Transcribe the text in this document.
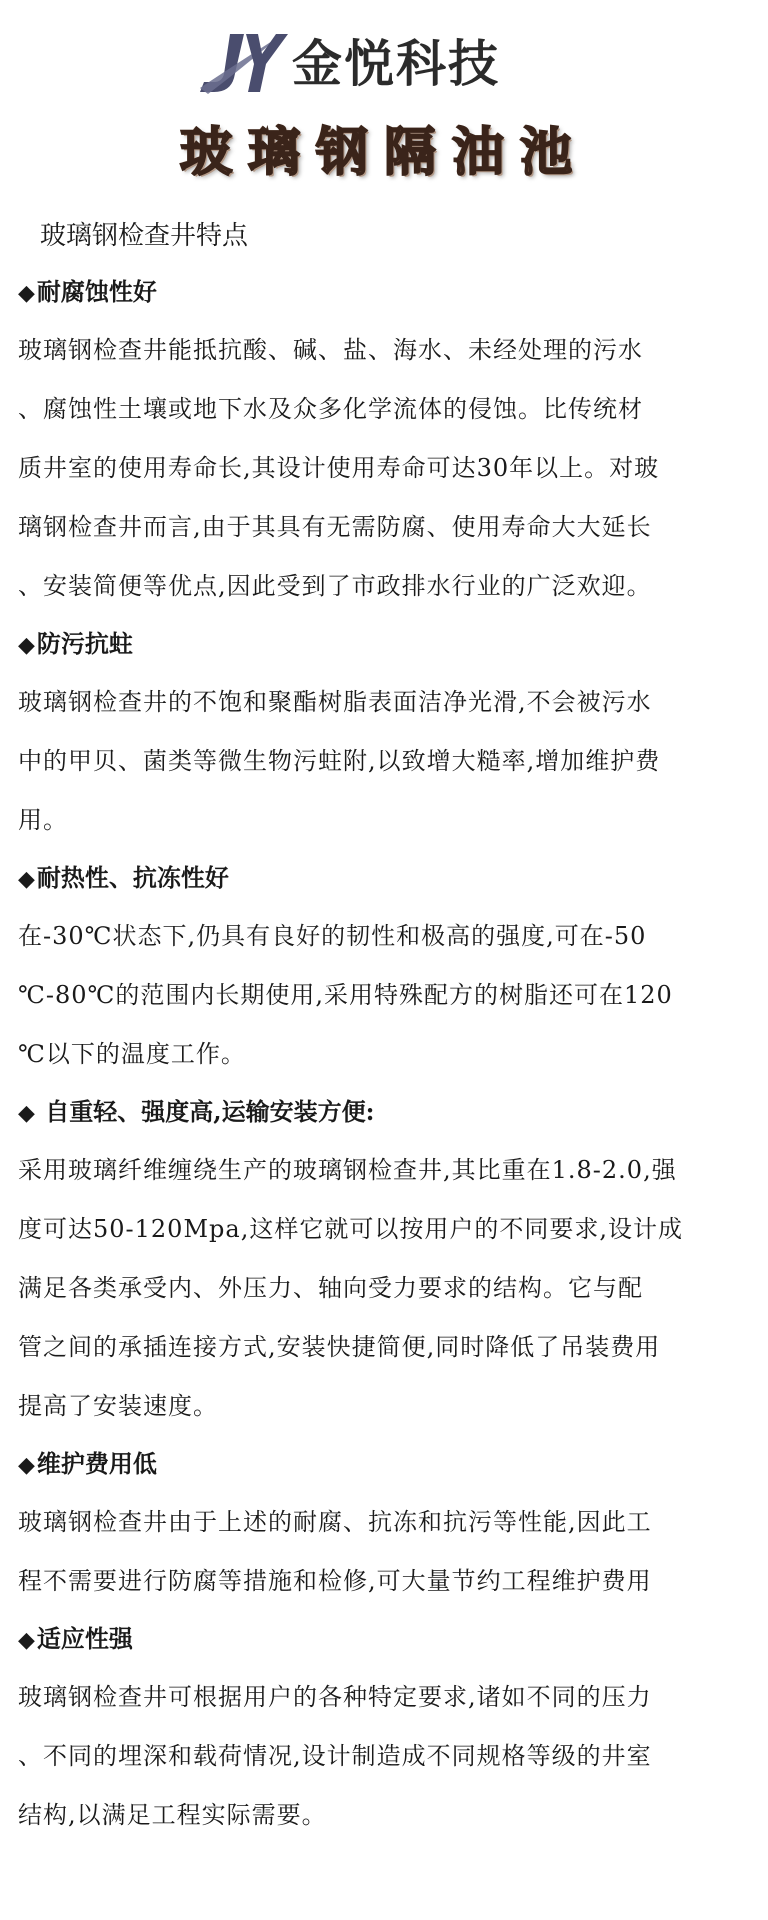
金悦科技
玻璃钢隔油池
玻璃钢检查井特点
◆耐腐蚀性好
玻璃钢检查井能抵抗酸、碱、盐、海水、未经处理的污水
、腐蚀性土壤或地下水及众多化学流体的侵蚀。比传统材
质井室的使用寿命长,其设计使用寿命可达30年以上。对玻
璃钢检查井而言,由于其具有无需防腐、使用寿命大大延长
、安装简便等优点,因此受到了市政排水行业的广泛欢迎。
◆防污抗蛀
玻璃钢检查井的不饱和聚酯树脂表面洁净光滑,不会被污水
中的甲贝、菌类等微生物污蛀附,以致增大糙率,增加维护费
用。
◆耐热性、抗冻性好
在-30℃状态下,仍具有良好的韧性和极高的强度,可在-50
℃-80℃的范围内长期使用,采用特殊配方的树脂还可在120
℃以下的温度工作。
◆ 自重轻、强度高,运输安装方便:
采用玻璃纤维缠绕生产的玻璃钢检查井,其比重在1.8-2.0,强
度可达50-120Mpa,这样它就可以按用户的不同要求,设计成
满足各类承受内、外压力、轴向受力要求的结构。它与配
管之间的承插连接方式,安装快捷简便,同时降低了吊装费用
提高了安装速度。
◆维护费用低
玻璃钢检查井由于上述的耐腐、抗冻和抗污等性能,因此工
程不需要进行防腐等措施和检修,可大量节约工程维护费用
◆适应性强
玻璃钢检查井可根据用户的各种特定要求,诸如不同的压力
、不同的埋深和载荷情况,设计制造成不同规格等级的井室
结构,以满足工程实际需要。
